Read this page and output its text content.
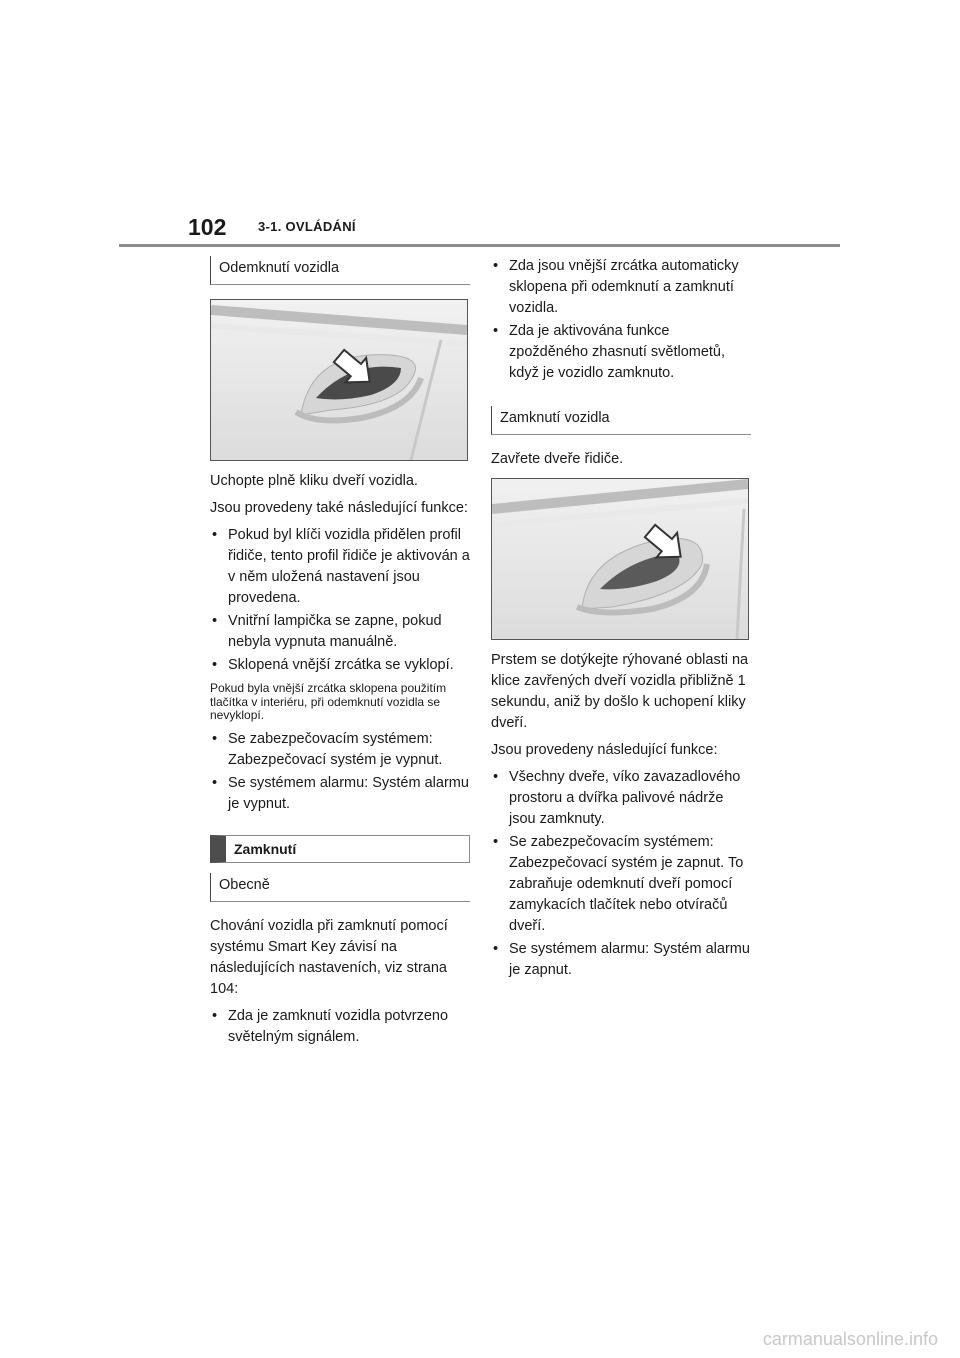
102 3-1. OVLÁDÁNÍ
Odemknutí vozidla

Uchopte plně kliku dveří vozidla.

Jsou provedeny také následující funkce:

• Pokud byl klíči vozidla přidělen profil řidiče, tento profil řidiče je aktivován a v něm uložená nastavení jsou provedena.
• Vnitřní lampička se zapne, pokud nebyla vypnuta manuálně.
• Sklopená vnější zrcátka se vyklopí.

Pokud byla vnější zrcátka sklopena použitím tlačítka v interiéru, při odemknutí vozidla se nevyklopí.

• Se zabezpečovacím systémem: Zabezpečovací systém je vypnut.
• Se systémem alarmu: Systém alarmu je vypnut.
Zamknutí
Obecně

Chování vozidla při zamknutí pomocí systému Smart Key závisí na následujících nastaveních, viz strana 104:

• Zda je zamknutí vozidla potvrzeno světelným signálem.
• Zda jsou vnější zrcátka automaticky sklopena při odemknutí a zamknutí vozidla.
• Zda je aktivována funkce zpožděného zhasnutí světlometů, když je vozidlo zamknuto.
Zamknutí vozidla

Zavřete dveře řidiče.

Prstem se dotýkejte rýhované oblasti na klice zavřených dveří vozidla přibližně 1 sekundu, aniž by došlo k uchopení kliky dveří.

Jsou provedeny následující funkce:

• Všechny dveře, víko zavazadlového prostoru a dvířka palivové nádrže jsou zamknuty.
• Se zabezpečovacím systémem: Zabezpečovací systém je zapnut. To zabraňuje odemknutí dveří pomocí zamykacích tlačítek nebo otvíračů dveří.
• Se systémem alarmu: Systém alarmu je zapnut.
carmanualsonline.info
